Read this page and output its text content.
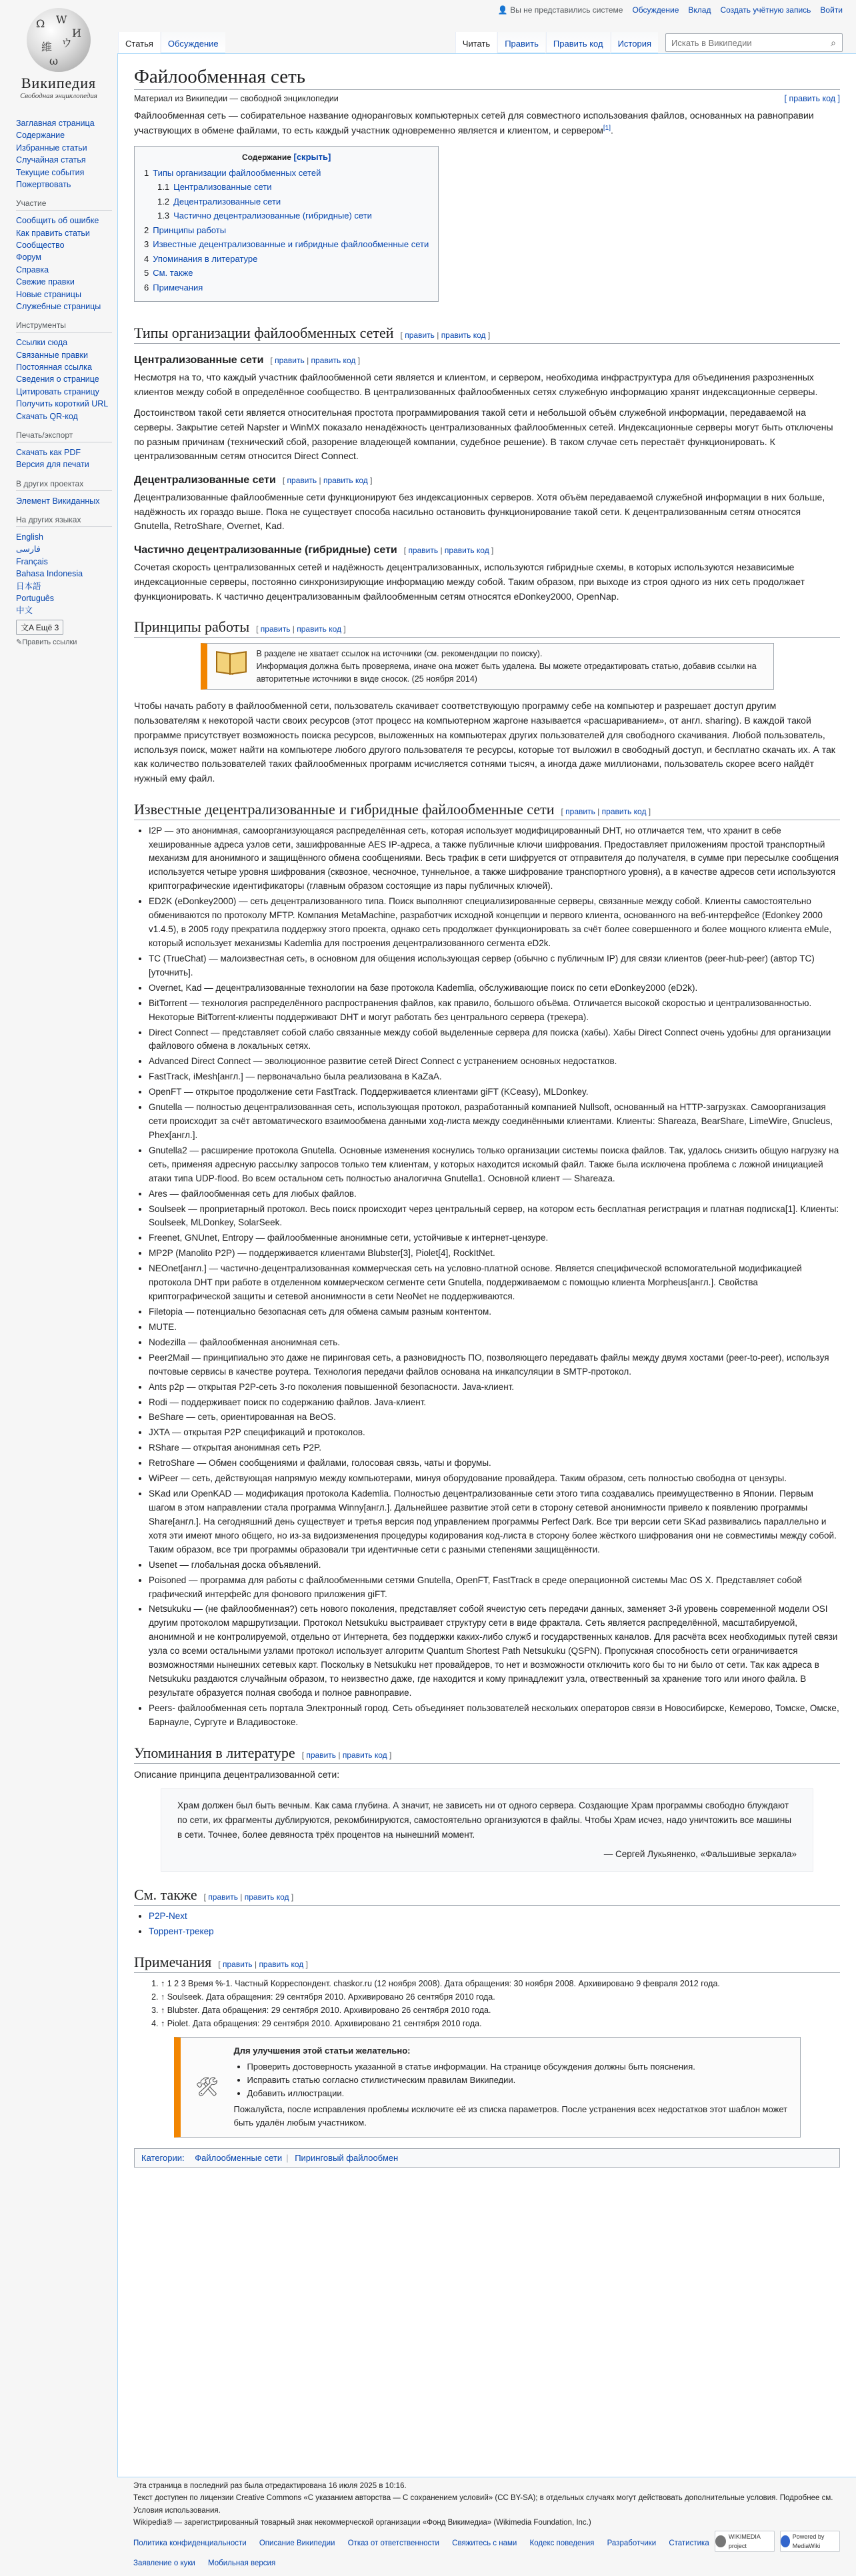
Ω W
И
維 ウ
ω
Википедия
Свободная энциклопедия
👤 Вы не представились системе Обсуждение Вклад Создать учётную запись Войти
Статья	Обсуждение	Читать	Править	Править код	История
Искать в Википедии	⌕
Заглавная страница
Содержание
Избранные статьи
Случайная статья
Текущие события
Пожертвовать
Участие
Сообщить об ошибке
Как править статьи
Сообщество
Форум
Справка
Свежие правки
Новые страницы
Служебные страницы
Инструменты
Ссылки сюда
Связанные правки
Постоянная ссылка
Сведения о странице
Цитировать страницу
Получить короткий URL
Скачать QR-код
Печать/экспорт
Скачать как PDF
Версия для печати
В других проектах
Элемент Викиданных
На других языках
English
فارسی
Français
Bahasa Indonesia
日本語
Português
中文
文A Ещё 3
✎Править ссылки
Файлообменная сеть
Материал из Википедии — свободной энциклопедии	[ править код ]

Файлообменная сеть — собирательное название одноранговых компьютерных сетей для совместного использования файлов, основанных на равноправии участвующих в обмене файлами, то есть каждый участник одновременно является и клиентом, и сервером[1].

Содержание [скрыть]
1 Типы организации файлообменных сетей
1.1 Централизованные сети
1.2 Децентрализованные сети
1.3 Частично децентрализованные (гибридные) сети
2 Принципы работы
3 Известные децентрализованные и гибридные файлообменные сети
4 Упоминания в литературе
5 См. также
6 Примечания
Типы организации файлообменных сетей [ править | править код ]
Централизованные сети [ править | править код ]

Несмотря на то, что каждый участник файлообменной сети является и клиентом, и сервером, необходима инфраструктура для объединения разрозненных клиентов между собой в определённое сообщество. В централизованных файлообменных сетях служебную информацию хранят индексационные серверы.

Достоинством такой сети является относительная простота программирования такой сети и небольшой объём служебной информации, передаваемой на серверы. Закрытие сетей Napster и WinMX показало ненадёжность централизованных файлообменных сетей. Индексационные серверы могут быть отключены по разным причинам (технический сбой, разорение владеющей компании, судебное решение). В таком случае сеть перестаёт функционировать. К централизованным сетям относится Direct Connect.

Децентрализованные сети [ править | править код ]

Децентрализованные файлообменные сети функционируют без индексационных серверов. Хотя объём передаваемой служебной информации в них больше, надёжность их гораздо выше. Пока не существует способа насильно остановить функционирование такой сети. К децентрализованным сетям относятся Gnutella, RetroShare, Overnet, Kad.

Частично децентрализованные (гибридные) сети [ править | править код ]

Сочетая скорость централизованных сетей и надёжность децентрализованных, используются гибридные схемы, в которых используются независимые индексационные серверы, постоянно синхронизирующие информацию между собой. Таким образом, при выходе из строя одного из них сеть продолжает функционировать. К частично децентрализованным файлообменным сетям относятся eDonkey2000, OpenNap.

Принципы работы [ править | править код ]
В разделе не хватает ссылок на источники (см. рекомендации по поиску).
Информация должна быть проверяема, иначе она может быть удалена. Вы можете отредактировать статью, добавив ссылки на авторитетные источники в виде сносок. (25 ноября 2014)

Чтобы начать работу в файлообменной сети, пользователь скачивает соответствующую программу себе на компьютер и разрешает доступ другим пользователям к некоторой части своих ресурсов (этот процесс на компьютерном жаргоне называется «расшариванием», от англ. sharing). В каждой такой программе присутствует возможность поиска ресурсов, выложенных на компьютерах других пользователей для свободного скачивания. Любой пользователь, используя поиск, может найти на компьютере любого другого пользователя те ресурсы, которые тот выложил в свободный доступ, и бесплатно скачать их. А так как количество пользователей таких файлообменных программ исчисляется сотнями тысяч, а иногда даже миллионами, пользователь скорее всего найдёт нужный ему файл.

Известные децентрализованные и гибридные файлообменные сети [ править | править код ]
• I2P — это анонимная, самоорганизующаяся распределённая сеть, которая использует модифицированный DHT, но отличается тем, что хранит в себе хешированные адреса узлов сети, зашифрованные AES IP-адреса, а также публичные ключи шифрования. Предоставляет приложениям простой транспортный механизм для анонимного и защищённого обмена сообщениями. Весь трафик в сети шифруется от отправителя до получателя, в сумме при пересылке сообщения используется четыре уровня шифрования (сквозное, чесночное, туннельное, а также шифрование транспортного уровня), а в качестве адресов сети используются криптографические идентификаторы (главным образом состоящие из пары публичных ключей).
• ED2K (eDonkey2000) — сеть децентрализованного типа. Поиск выполняют специализированные серверы, связанные между собой. Клиенты самостоятельно обмениваются по протоколу MFTP. Компания MetaMachine, разработчик исходной концепции и первого клиента, основанного на веб-интерфейсе (Edonkey 2000 v1.4.5), в 2005 году прекратила поддержку этого проекта, однако сеть продолжает функционировать за счёт более совершенного и более мощного клиента eMule, который использует механизмы Kademlia для построения децентрализованного сегмента eD2k.
• TC (TrueChat) — малоизвестная сеть, в основном для общения использующая сервер (обычно с публичным IP) для связи клиентов (peer-hub-peer) (автор TC)[уточнить].
• Overnet, Kad — децентрализованные технологии на базе протокола Kademlia, обслуживающие поиск по сети eDonkey2000 (eD2k).
• BitTorrent — технология распределённого распространения файлов, как правило, большого объёма. Отличается высокой скоростью и централизованностью. Некоторые BitTorrent-клиенты поддерживают DHT и могут работать без центрального сервера (трекера).
• Direct Connect — представляет собой слабо связанные между собой выделенные сервера для поиска (хабы). Хабы Direct Connect очень удобны для организации файлового обмена в локальных сетях.
• Advanced Direct Connect — эволюционное развитие сетей Direct Connect с устранением основных недостатков.
• FastTrack, iMesh[англ.] — первоначально была реализована в KaZaA.
• OpenFT — открытое продолжение сети FastTrack. Поддерживается клиентами giFT (KCeasy), MLDonkey.
• Gnutella — полностью децентрализованная сеть, использующая протокол, разработанный компанией Nullsoft, основанный на HTTP-загрузках. Самоорганизация сети происходит за счёт автоматического взаимообмена данными ход-листа между соединёнными клиентами. Клиенты: Shareaza, BearShare, LimeWire, Gnucleus, Phex[англ.].
• Gnutella2 — расширение протокола Gnutella. Основные изменения коснулись только организации системы поиска файлов. Так, удалось снизить общую нагрузку на сеть, применяя адресную рассылку запросов только тем клиентам, у которых находится искомый файл. Также была исключена проблема с ложной инициацией атаки типа UDP-flood. Во всем остальном сеть полностью аналогична Gnutella1. Основной клиент — Shareaza.
• Ares — файлообменная сеть для любых файлов.
• Soulseek — проприетарный протокол. Весь поиск происходит через центральный сервер, на котором есть бесплатная регистрация и платная подписка[1]. Клиенты: Soulseek, MLDonkey, SolarSeek.
• Freenet, GNUnet, Entropy — файлообменные анонимные сети, устойчивые к интернет-цензуре.
• MP2P (Manolito P2P) — поддерживается клиентами Blubster[3], Piolet[4], RockItNet.
• NEOnet[англ.] — частично-децентрализованная коммерческая сеть на условно-платной основе. Является специфической вспомогательной модификацией протокола DHT при работе в отделенном коммерческом сегменте сети Gnutella, поддерживаемом с помощью клиента Morpheus[англ.]. Свойства криптографической защиты и сетевой анонимности в сети NeoNet не поддерживаются.
• Filetopia — потенциально безопасная сеть для обмена самым разным контентом.
• MUTE.
• Nodezilla — файлообменная анонимная сеть.
• Peer2Mail — принципиально это даже не пиринговая сеть, а разновидность ПО, позволяющего передавать файлы между двумя хостами (peer-to-peer), используя почтовые сервисы в качестве роутера. Технология передачи файлов основана на инкапсуляции в SMTP-протокол.
• Ants p2p — открытая P2P-сеть 3-го поколения повышенной безопасности. Java-клиент.
• Rodi — поддерживает поиск по содержанию файлов. Java-клиент.
• BeShare — сеть, ориентированная на BeOS.
• JXTA — открытая P2P спецификаций и протоколов.
• RShare — открытая анонимная сеть P2P.
• RetroShare — Обмен сообщениями и файлами, голосовая связь, чаты и форумы.
• WiPeer — сеть, действующая напрямую между компьютерами, минуя оборудование провайдера. Таким образом, сеть полностью свободна от цензуры.
• SKad или OpenKAD — модификация протокола Kademlia. Полностью децентрализованные сети этого типа создавались преимущественно в Японии. Первым шагом в этом направлении стала программа Winny[англ.]. Дальнейшее развитие этой сети в сторону сетевой анонимности привело к появлению программы Share[англ.]. На сегодняшний день существует и третья версия под управлением программы Perfect Dark. Все три версии сети SKad развивались параллельно и хотя эти имеют много общего, но из-за видоизменения процедуры кодирования код-листа в сторону более жёсткого шифрования они не совместимы между собой. Таким образом, все три программы образовали три идентичные сети с разными степенями защищённости.
• Usenet — глобальная доска объявлений.
• Poisoned — программа для работы с файлообменными сетями Gnutella, OpenFT, FastTrack в среде операционной системы Mac OS X. Представляет собой графический интерфейс для фонового приложения giFT.
• Netsukuku — (не файлообменная?) сеть нового поколения, представляет собой ячеистую сеть передачи данных, заменяет 3-й уровень современной модели OSI другим протоколом маршрутизации. Протокол Netsukuku выстраивает структуру сети в виде фрактала. Сеть является распределённой, масштабируемой, анонимной и не контролируемой, отдельно от Интернета, без поддержки каких-либо служб и государственных каналов. Для расчёта всех необходимых путей связи узла со всеми остальными узлами протокол использует алгоритм Quantum Shortest Path Netsukuku (QSPN). Пропускная способность сети ограничивается возможностями нынешних сетевых карт. Поскольку в Netsukuku нет провайдеров, то нет и возможности отключить кого бы то ни было от сети. Так как адреса в Netsukuku раздаются случайным образом, то неизвестно даже, где находится и кому принадлежит узла, отвественный за хранение того или иного файла. В результате образуется полная свобода и полное равноправие.
• Peers- файлообменная сеть портала Электронный город. Сеть объединяет пользователей нескольких операторов связи в Новосибирске, Кемерово, Томске, Омске, Барнауле, Сургуте и Владивостоке.
Упоминания в литературе [ править | править код ]

Описание принципа децентрализованной сети:

Храм должен был быть вечным. Как сама глубина. А значит, не зависеть ни от одного сервера. Создающие Храм программы свободно блуждают по сети, их фрагменты дублируются, рекомбинируются, самостоятельно организуются в файлы. Чтобы Храм исчез, надо уничтожить все машины в сети. Точнее, более девяноста трёх процентов на нынешний момент.
— Сергей Лукьяненко, «Фальшивые зеркала»
См. также [ править | править код ]
• P2P-Next
• Торрент-трекер
Примечания [ править | править код ]
1. ↑ 1 2 3 Время %-1. Частный Корреспондент. chaskor.ru (12 ноября 2008). Дата обращения: 30 ноября 2008. Архивировано 9 февраля 2012 года.
2. ↑ Soulseek. Дата обращения: 29 сентября 2010. Архивировано 26 сентября 2010 года.
3. ↑ Blubster. Дата обращения: 29 сентября 2010. Архивировано 26 сентября 2010 года.
4. ↑ Piolet. Дата обращения: 29 сентября 2010. Архивировано 21 сентября 2010 года.
🛠
Для улучшения этой статьи желательно:
• Проверить достоверность указанной в статье информации. На странице обсуждения должны быть пояснения.
• Исправить статью согласно стилистическим правилам Википедии.
• Добавить иллюстрации.
Пожалуйста, после исправления проблемы исключите её из списка параметров. После устранения всех недостатков этот шаблон может быть удалён любым участником.
Категории: Файлообменные сети | Пиринговый файлообмен
Эта страница в последний раз была отредактирована 16 июля 2025 в 10:16.
Текст доступен по лицензии Creative Commons «С указанием авторства — С сохранением условий» (CC BY-SA); в отдельных случаях могут действовать дополнительные условия. Подробнее см. Условия использования.
Wikipedia® — зарегистрированный товарный знак некоммерческой организации «Фонд Викимедиа» (Wikimedia Foundation, Inc.)
Политика конфиденциальности Описание Википедии Отказ от ответственности Свяжитесь с нами Кодекс поведения Разработчики Статистика
Заявление о куки Мобильная версия
WIKIMEDIA project
Powered by MediaWiki
